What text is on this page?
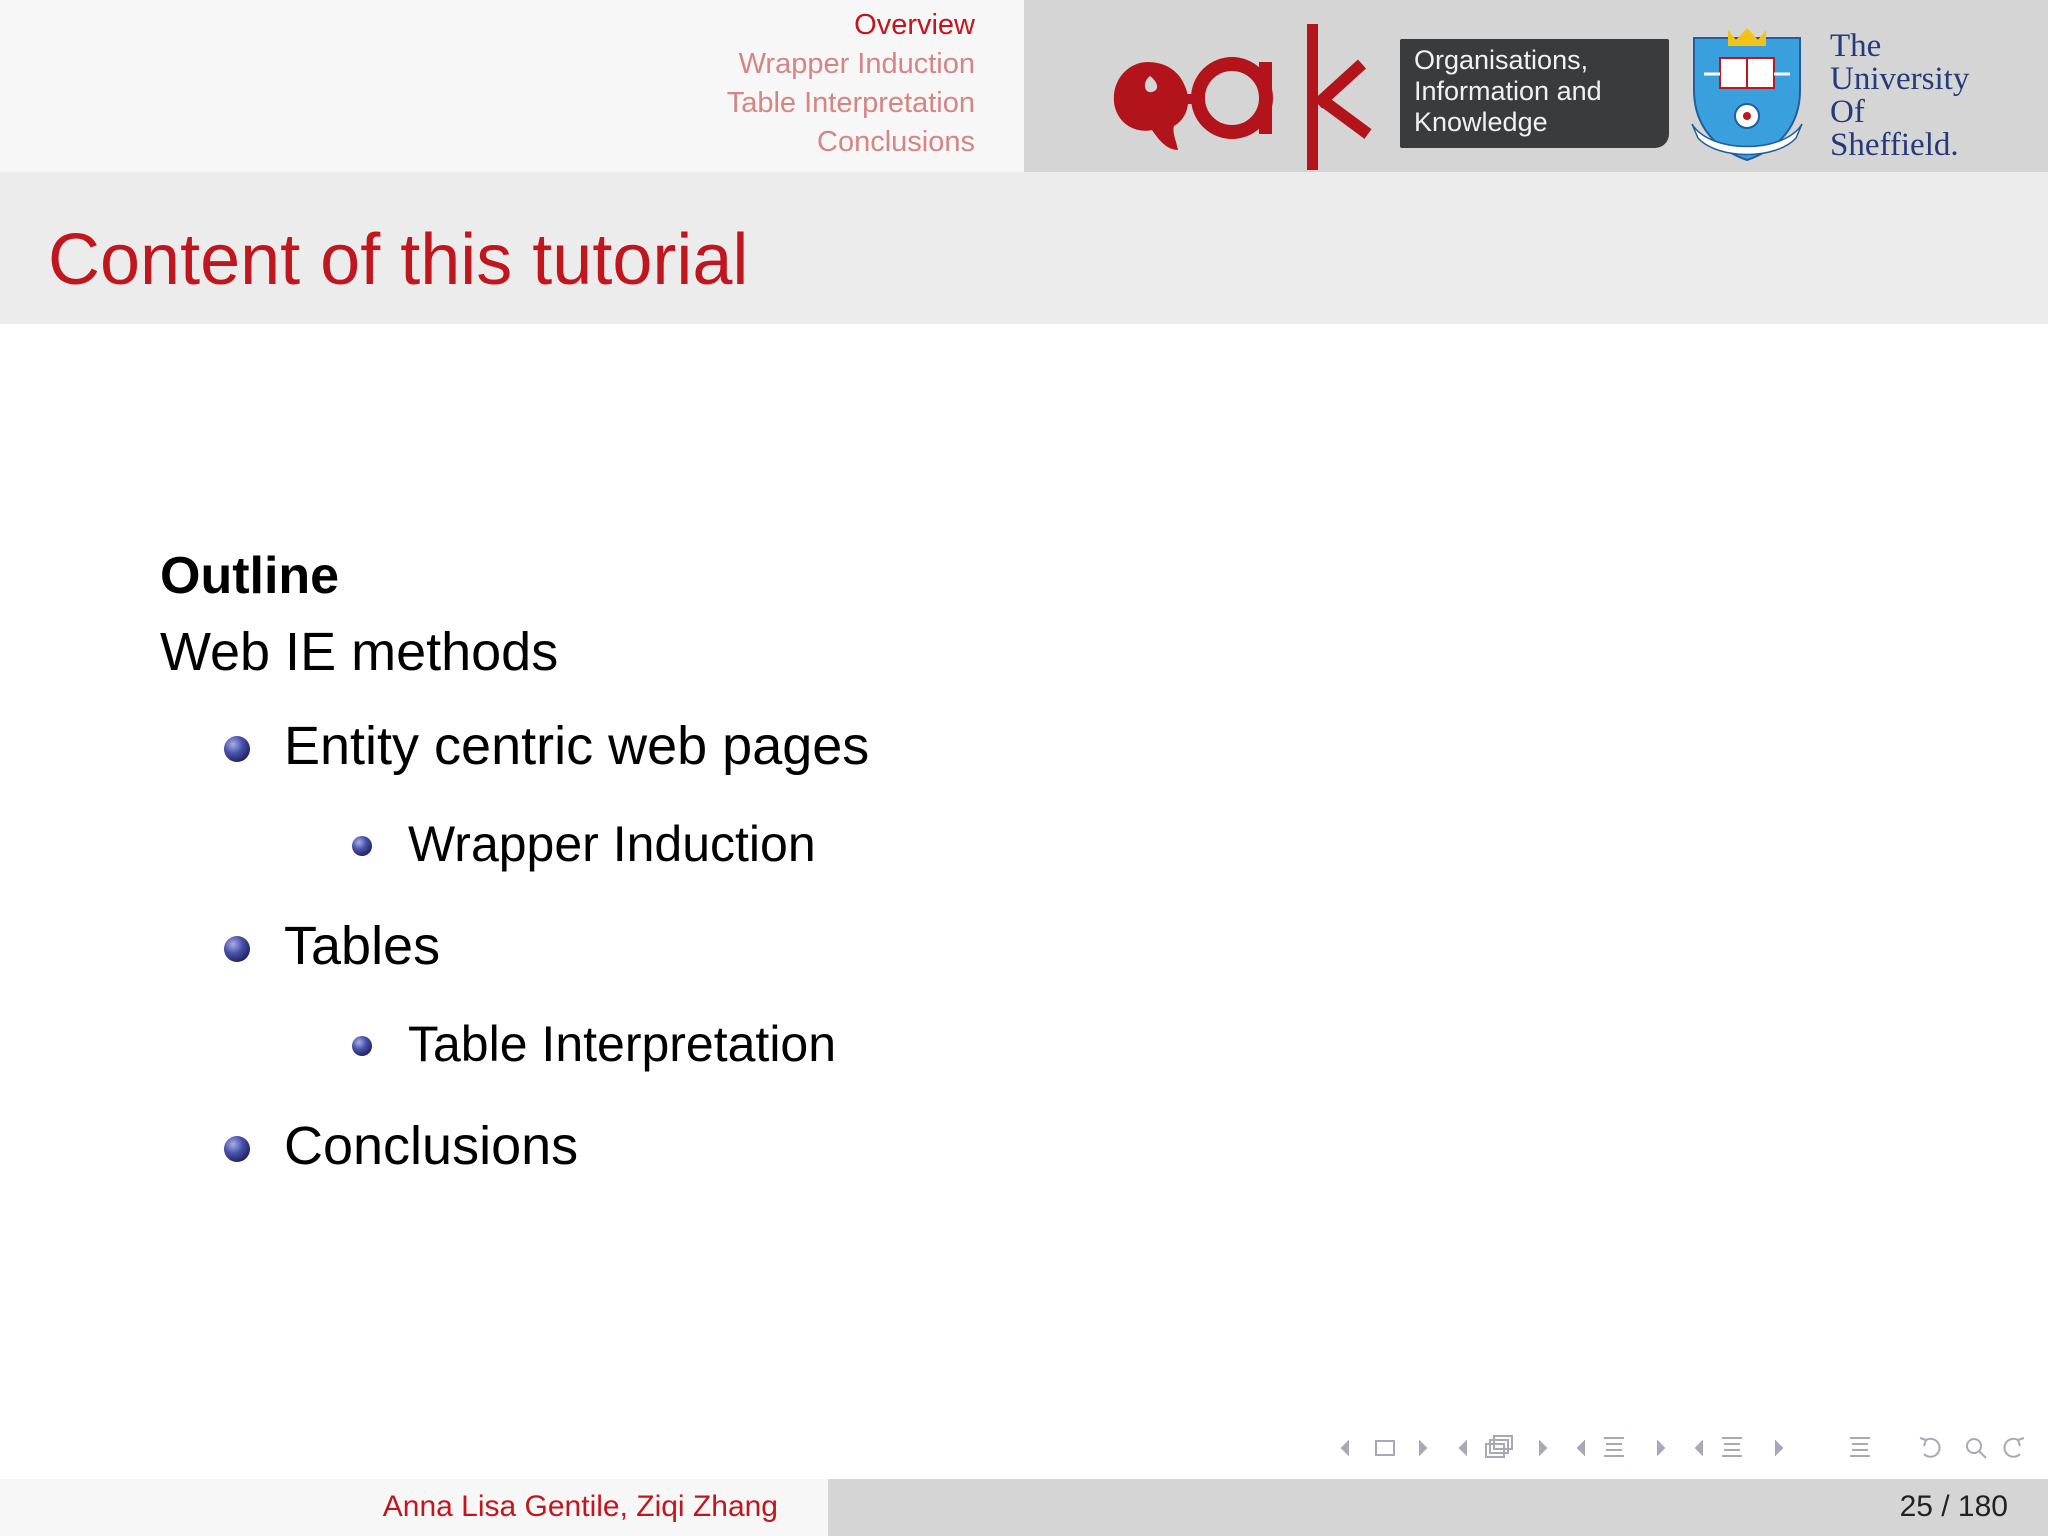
Overview
Wrapper Induction
Table Interpretation
Conclusions
Organisations,
Information and
Knowledge
The
University
Of
Sheffield.
Content of this tutorial
Outline
Web IE methods
Entity centric web pages
Wrapper Induction
Tables
Table Interpretation
Conclusions
Anna Lisa Gentile, Ziqi Zhang	25 / 180
